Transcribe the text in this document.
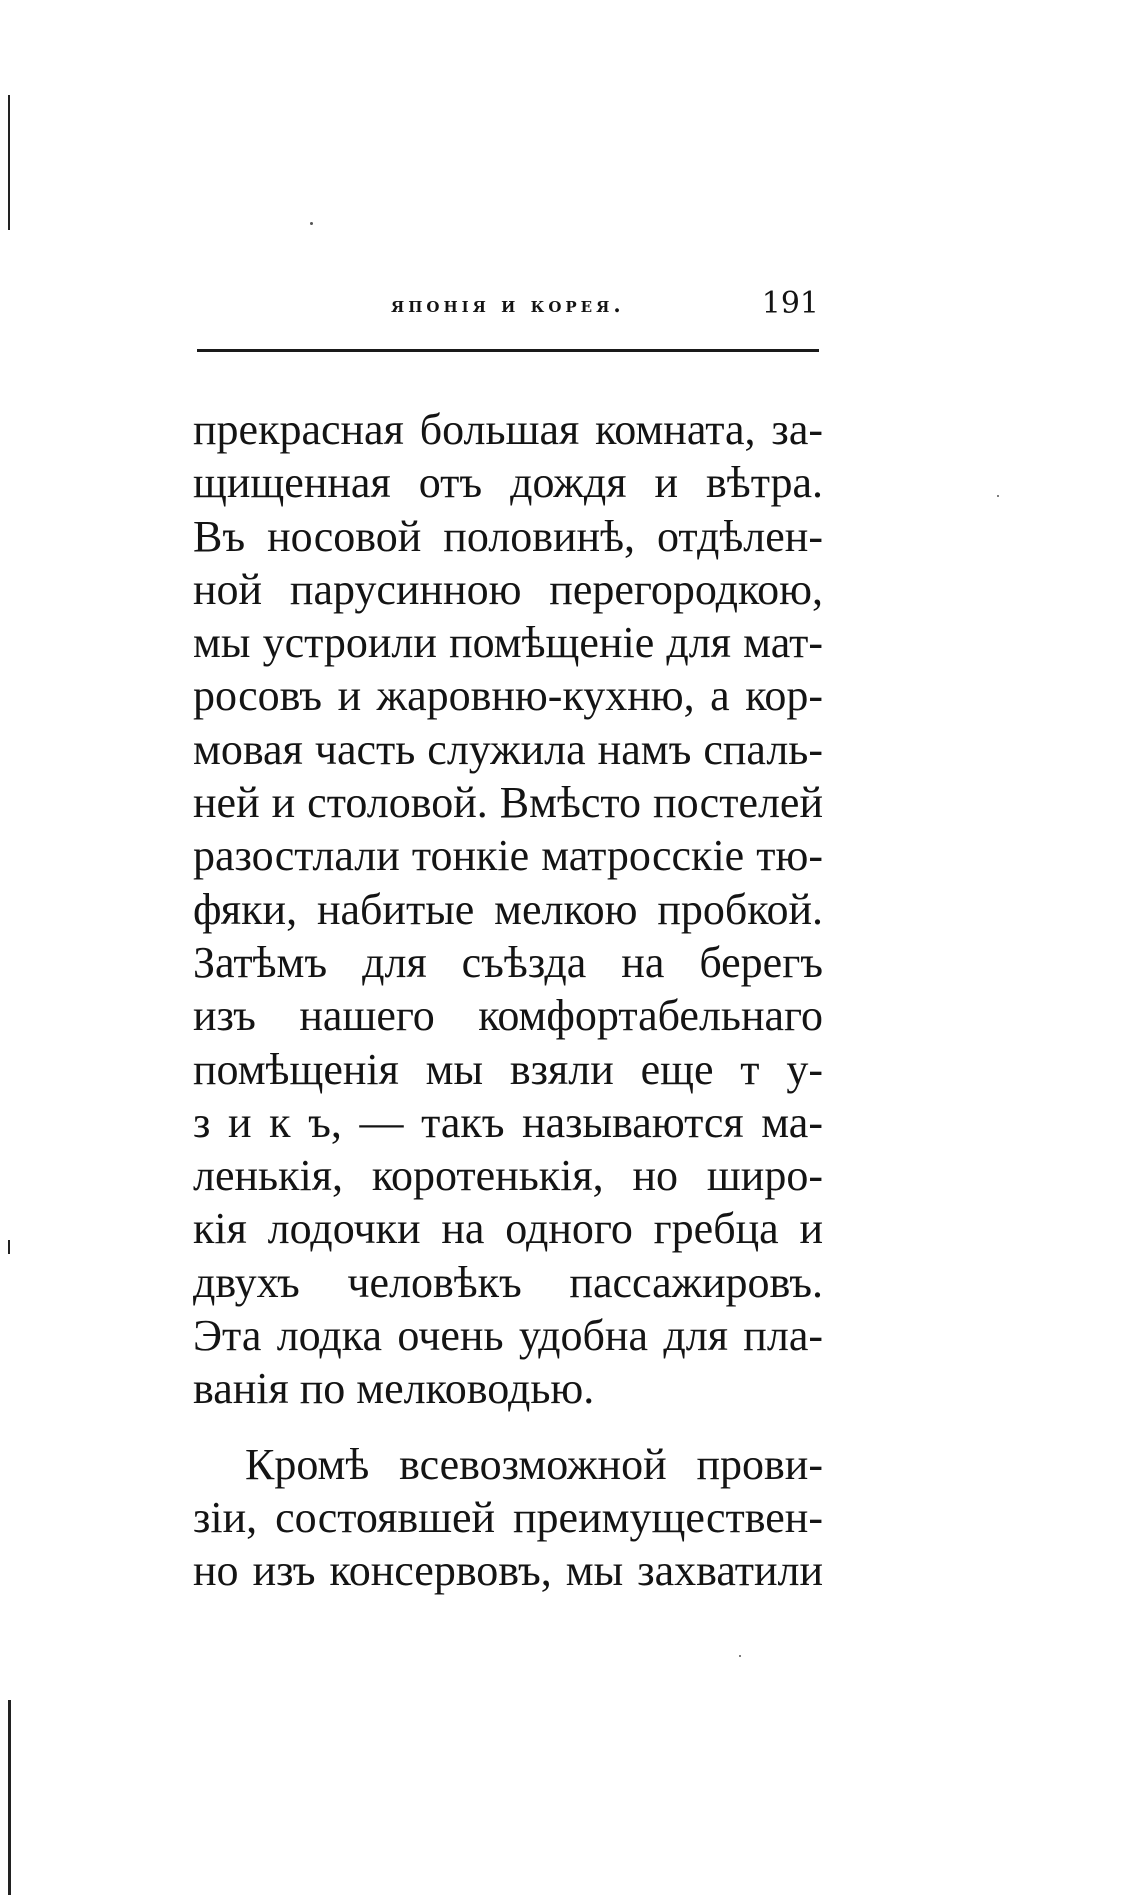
японія и корея.	191
прекрасная большая комната, за-
щищенная отъ дождя и вѣтра.
Въ носовой половинѣ, отдѣлен-
ной парусинною перегородкою,
мы устроили помѣщеніе для мат-
росовъ и жаровню-кухню, а кор-
мовая часть служила намъ спаль-
ней и столовой. Вмѣсто постелей
разостлали тонкіе матросскіе тю-
фяки, набитые мелкою пробкой.
Затѣмъ для съѣзда на берегъ
изъ нашего комфортабельнаго
помѣщенія мы взяли еще т у-
з и к ъ, — такъ называются ма-
ленькія, коротенькія, но широ-
кія лодочки на одного гребца и
двухъ человѣкъ пассажировъ.
Эта лодка очень удобна для пла-
ванія по мелководью.
Кромѣ всевозможной прови-
зіи, состоявшей преимуществен-
но изъ консервовъ, мы захватили
